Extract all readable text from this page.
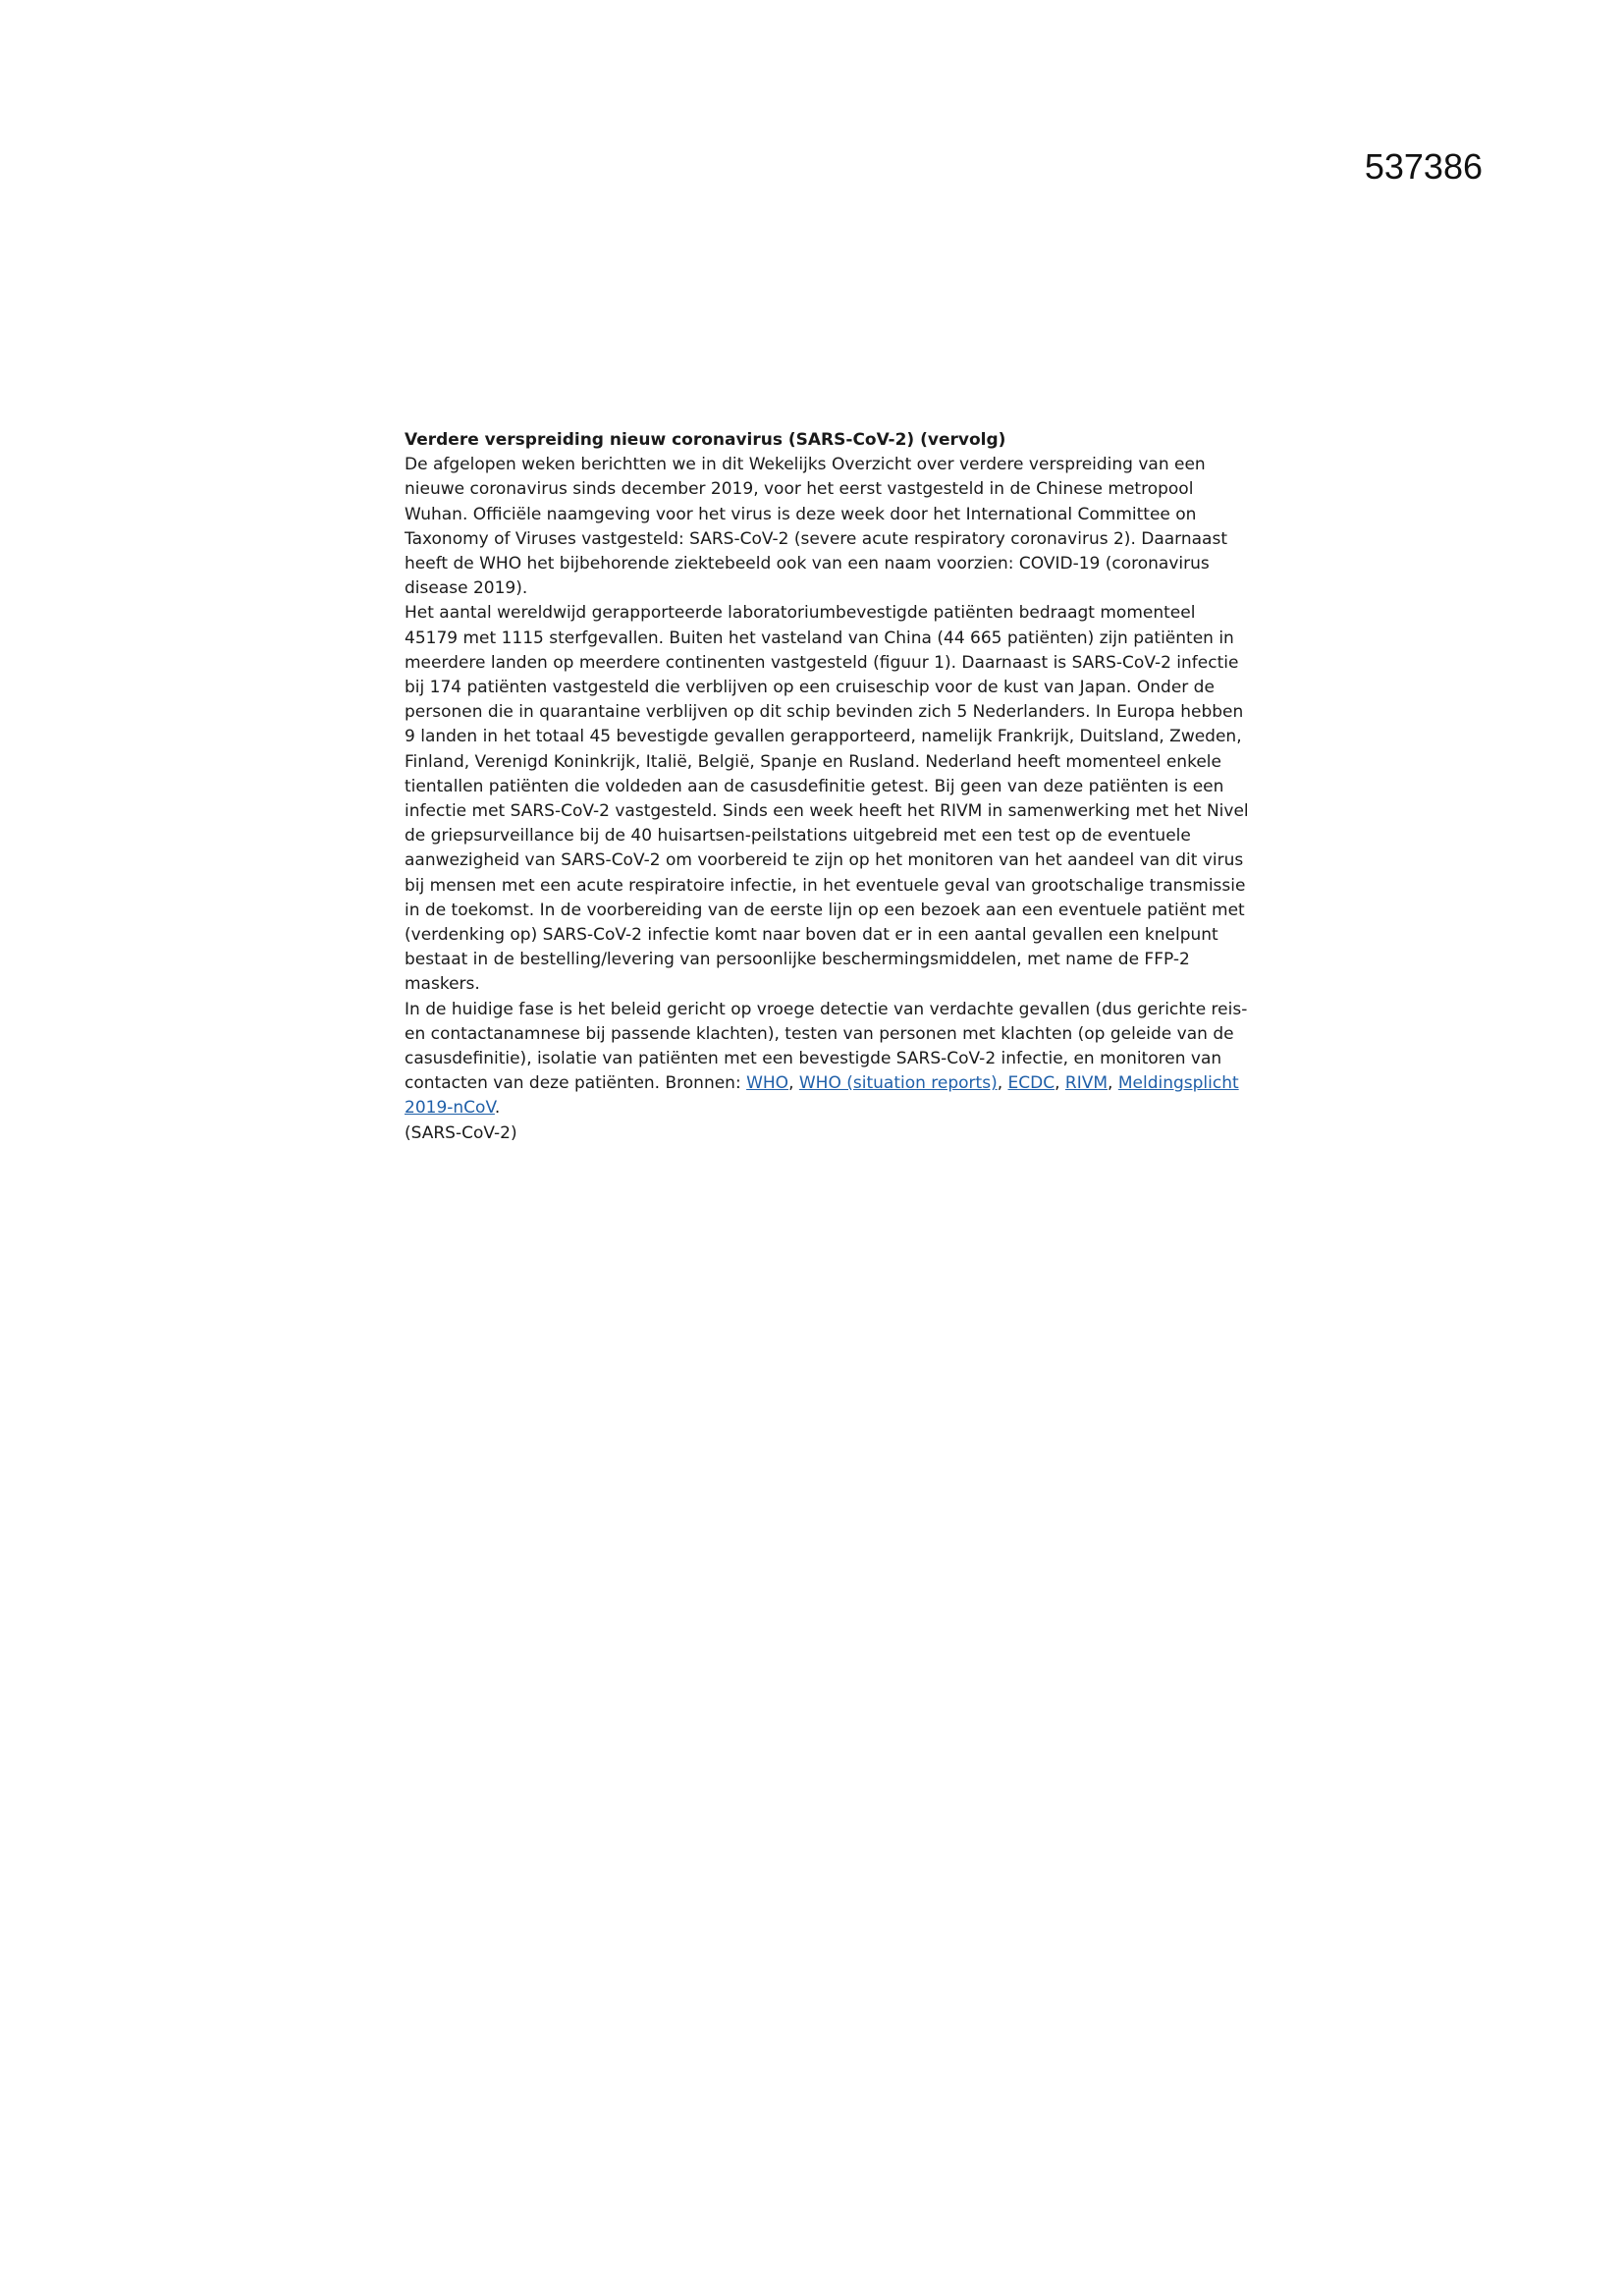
537386
Verdere verspreiding nieuw coronavirus (SARS-CoV-2) (vervolg)
De afgelopen weken berichtten we in dit Wekelijks Overzicht over verdere verspreiding van een
nieuwe coronavirus sinds december 2019, voor het eerst vastgesteld in de Chinese metropool
Wuhan. Officiële naamgeving voor het virus is deze week door het International Committee on
Taxonomy of Viruses vastgesteld: SARS-CoV-2 (severe acute respiratory coronavirus 2). Daarnaast
heeft de WHO het bijbehorende ziektebeeld ook van een naam voorzien: COVID-19 (coronavirus
disease 2019).
Het aantal wereldwijd gerapporteerde laboratoriumbevestigde patiënten bedraagt momenteel
45179 met 1115 sterfgevallen. Buiten het vasteland van China (44 665 patiënten) zijn patiënten in
meerdere landen op meerdere continenten vastgesteld (figuur 1). Daarnaast is SARS-CoV-2 infectie
bij 174 patiënten vastgesteld die verblijven op een cruiseschip voor de kust van Japan. Onder de
personen die in quarantaine verblijven op dit schip bevinden zich 5 Nederlanders. In Europa hebben
9 landen in het totaal 45 bevestigde gevallen gerapporteerd, namelijk Frankrijk, Duitsland, Zweden,
Finland, Verenigd Koninkrijk, Italië, België, Spanje en Rusland. Nederland heeft momenteel enkele
tientallen patiënten die voldeden aan de casusdefinitie getest. Bij geen van deze patiënten is een
infectie met SARS-CoV-2 vastgesteld. Sinds een week heeft het RIVM in samenwerking met het Nivel
de griepsurveillance bij de 40 huisartsen-peilstations uitgebreid met een test op de eventuele
aanwezigheid van SARS-CoV-2 om voorbereid te zijn op het monitoren van het aandeel van dit virus
bij mensen met een acute respiratoire infectie, in het eventuele geval van grootschalige transmissie
in de toekomst. In de voorbereiding van de eerste lijn op een bezoek aan een eventuele patiënt met
(verdenking op) SARS-CoV-2 infectie komt naar boven dat er in een aantal gevallen een knelpunt
bestaat in de bestelling/levering van persoonlijke beschermingsmiddelen, met name de FFP-2
maskers.
In de huidige fase is het beleid gericht op vroege detectie van verdachte gevallen (dus gerichte reis-
en contactanamnese bij passende klachten), testen van personen met klachten (op geleide van de
casusdefinitie), isolatie van patiënten met een bevestigde SARS-CoV-2 infectie, en monitoren van
contacten van deze patiënten. Bronnen: WHO, WHO (situation reports), ECDC, RIVM, Meldingsplicht
2019-nCoV.
(SARS-CoV-2)
